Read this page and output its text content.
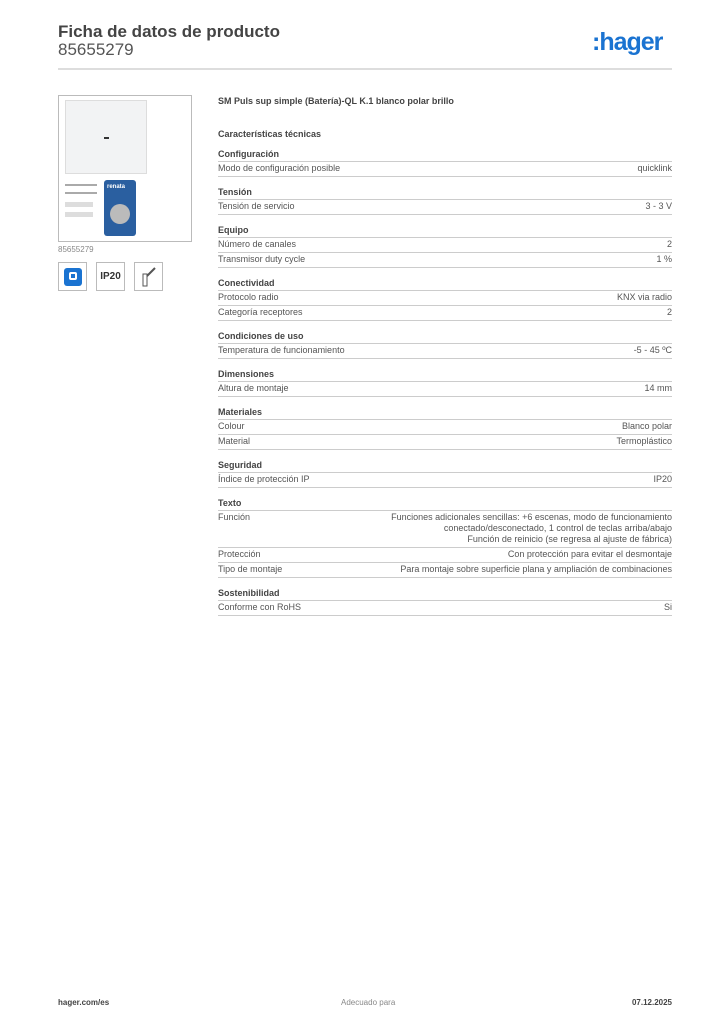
Ficha de datos de producto
85655279	:hager
renata
85655279
IP20
SM Puls sup simple (Batería)-QL K.1 blanco polar brillo
Características técnicas
Configuración
Modo de configuración posible	quicklink
Tensión
Tensión de servicio	3 - 3 V
Equipo
Número de canales	2
Transmisor duty cycle	1 %
Conectividad
Protocolo radio	KNX via radio
Categoría receptores	2
Condiciones de uso
Temperatura de funcionamiento	-5 - 45 ºC
Dimensiones
Altura de montaje	14 mm
Materiales
Colour	Blanco polar
Material	Termoplástico
Seguridad
Índice de protección IP	IP20
Texto
Función	Funciones adicionales sencillas: +6 escenas, modo de funcionamiento
conectado/desconectado, 1 control de teclas arriba/abajo
Función de reinicio (se regresa al ajuste de fábrica)
Protección	Con protección para evitar el desmontaje
Tipo de montaje	Para montaje sobre superficie plana y ampliación de combinaciones
Sostenibilidad
Conforme con RoHS	Si
hager.com/es	Adecuado para	07.12.2025
